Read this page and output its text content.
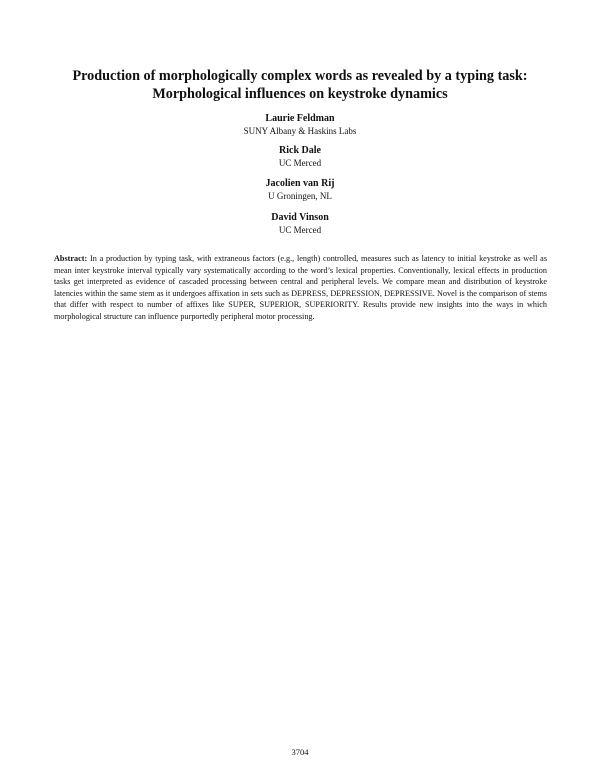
Production of morphologically complex words as revealed by a typing task:
Morphological influences on keystroke dynamics
Laurie Feldman
SUNY Albany & Haskins Labs
Rick Dale
UC Merced
Jacolien van Rij
U Groningen, NL
David Vinson
UC Merced

Abstract: In a production by typing task, with extraneous factors (e.g., length) controlled, measures such as latency to initial keystroke as well as mean inter keystroke interval typically vary systematically according to the word’s lexical properties. Conventionally, lexical effects in production tasks get interpreted as evidence of cascaded processing between central and peripheral levels. We compare mean and distribution of keystroke latencies within the same stem as it undergoes affixation in sets such as DEPRESS, DEPRESSION, DEPRESSIVE. Novel is the comparison of stems that differ with respect to number of affixes like SUPER, SUPERIOR, SUPERIORITY. Results provide new insights into the ways in which morphological structure can influence purportedly peripheral motor processing.

3704
